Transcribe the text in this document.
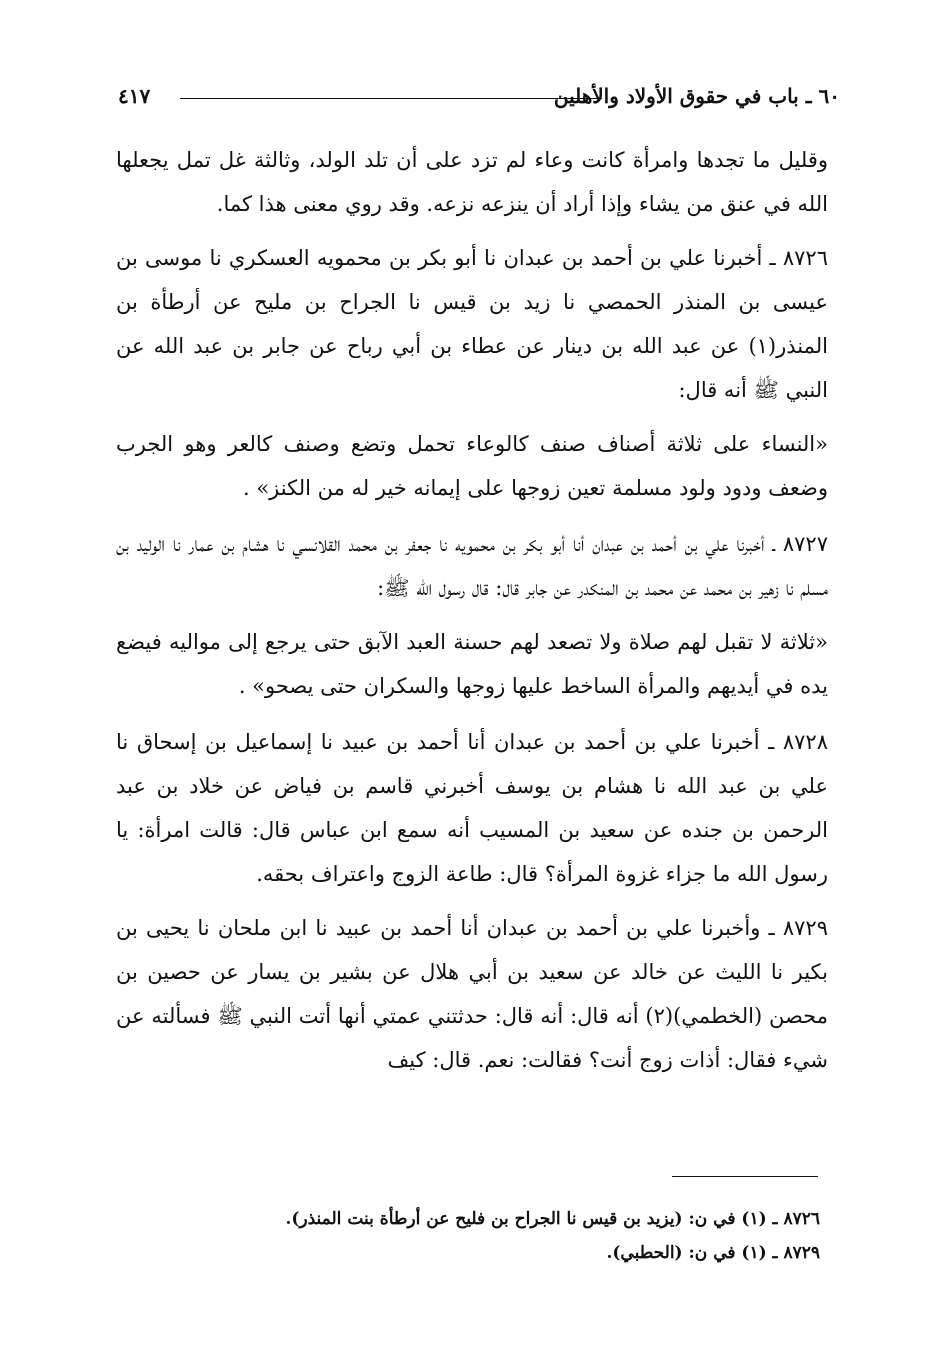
٦٠ ـ باب في حقوق الأولاد والأهلين
٤١٧

وقليل ما تجدها وامرأة كانت وعاء لم تزد على أن تلد الولد، وثالثة غل تمل يجعلها الله في عنق من يشاء وإذا أراد أن ينزعه نزعه. وقد روي معنى هذا كما.

٨٧٢٦ ـ أخبرنا علي بن أحمد بن عبدان نا أبو بكر بن محمويه العسكري نا موسى بن عيسى بن المنذر الحمصي نا زيد بن قيس نا الجراح بن مليح عن أرطأة بن المنذر(١) عن عبد الله بن دينار عن عطاء بن أبي رباح عن جابر بن عبد الله عن النبي ﷺ أنه قال:

«النساء على ثلاثة أصناف صنف كالوعاء تحمل وتضع وصنف كالعر وهو الجرب وضعف ودود ولود مسلمة تعين زوجها على إيمانه خير له من الكنز» .

٨٧٢٧ ـ أخبرنا علي بن أحمد بن عبدان أنا أبو بكر بن محمويه نا جعفر بن محمد القلانسي نا هشام بن عمار نا الوليد بن مسلم نا زهير بن محمد عن محمد بن المنكدر عن جابر قال: قال رسول الله ﷺ:

«ثلاثة لا تقبل لهم صلاة ولا تصعد لهم حسنة العبد الآبق حتى يرجع إلى مواليه فيضع يده في أيديهم والمرأة الساخط عليها زوجها والسكران حتى يصحو» .

٨٧٢٨ ـ أخبرنا علي بن أحمد بن عبدان أنا أحمد بن عبيد نا إسماعيل بن إسحاق نا علي بن عبد الله نا هشام بن يوسف أخبرني قاسم بن فياض عن خلاد بن عبد الرحمن بن جنده عن سعيد بن المسيب أنه سمع ابن عباس قال: قالت امرأة: يا رسول الله ما جزاء غزوة المرأة؟ قال: طاعة الزوج واعتراف بحقه.

٨٧٢٩ ـ وأخبرنا علي بن أحمد بن عبدان أنا أحمد بن عبيد نا ابن ملحان نا يحيى بن بكير نا الليث عن خالد عن سعيد بن أبي هلال عن بشير بن يسار عن حصين بن محصن (الخطمي)(٢) أنه قال: أنه قال: حدثتني عمتي أنها أتت النبي ﷺ فسألته عن شيء فقال: أذات زوج أنت؟ فقالت: نعم. قال: كيف

٨٧٢٦ ـ (١) في ن: (يزيد بن قيس نا الجراح بن فليح عن أرطأة بنت المنذر).

٨٧٢٩ ـ (١) في ن: (الحطبي).
